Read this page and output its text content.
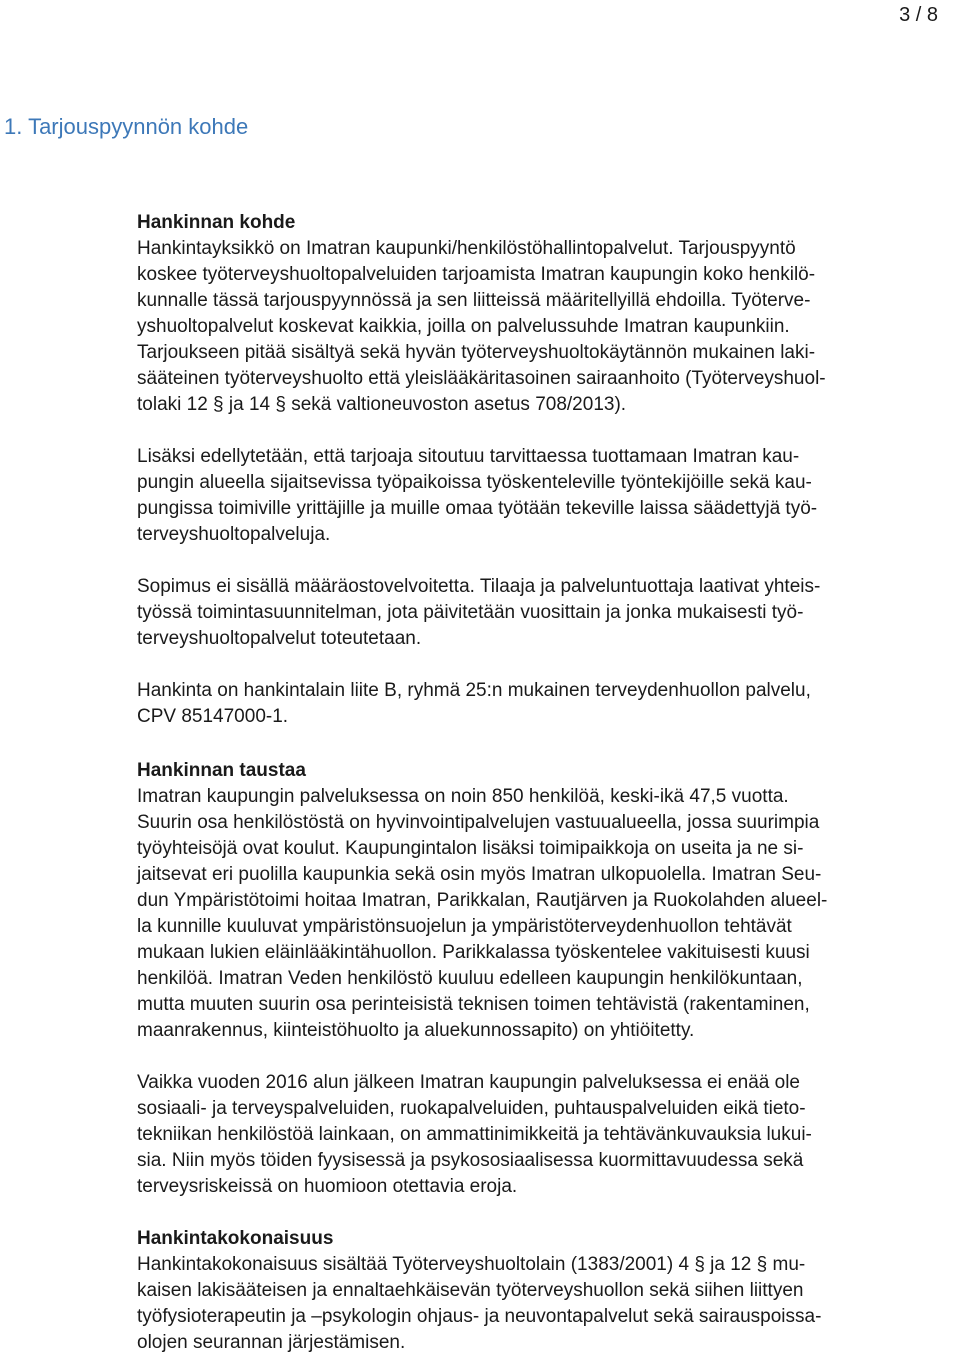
3 / 8
1. Tarjouspyynnön kohde
Hankinnan kohde

Hankintayksikkö on Imatran kaupunki/henkilöstöhallintopalvelut. Tarjouspyyntö
koskee työterveyshuoltopalveluiden tarjoamista Imatran kaupungin koko henkilö-
kunnalle tässä tarjouspyynnössä ja sen liitteissä määritellyillä ehdoilla. Työterve-
yshuoltopalvelut koskevat kaikkia, joilla on palvelussuhde Imatran kaupunkiin.
Tarjoukseen pitää sisältyä sekä hyvän työterveyshuoltokäytännön mukainen laki-
sääteinen työterveyshuolto että yleislääkäritasoinen sairaanhoito (Työterveyshuol-
tolaki 12 § ja 14 § sekä valtioneuvoston asetus 708/2013).

Lisäksi edellytetään, että tarjoaja sitoutuu tarvittaessa tuottamaan Imatran kau-
pungin alueella sijaitsevissa työpaikoissa työskenteleville työntekijöille sekä kau-
pungissa toimiville yrittäjille ja muille omaa työtään tekeville laissa säädettyjä työ-
terveyshuoltopalveluja.

Sopimus ei sisällä määräostovelvoitetta. Tilaaja ja palveluntuottaja laativat yhteis-
työssä toimintasuunnitelman, jota päivitetään vuosittain ja jonka mukaisesti työ-
terveyshuoltopalvelut toteutetaan.

Hankinta on hankintalain liite B, ryhmä 25:n mukainen terveydenhuollon palvelu,
CPV 85147000-1.

Hankinnan taustaa

Imatran kaupungin palveluksessa on noin 850 henkilöä, keski-ikä 47,5 vuotta.
Suurin osa henkilöstöstä on hyvinvointipalvelujen vastuualueella, jossa suurimpia
työyhteisöjä ovat koulut. Kaupungintalon lisäksi toimipaikkoja on useita ja ne si-
jaitsevat eri puolilla kaupunkia sekä osin myös Imatran ulkopuolella. Imatran Seu-
dun Ympäristötoimi hoitaa Imatran, Parikkalan, Rautjärven ja Ruokolahden alueel-
la kunnille kuuluvat ympäristönsuojelun ja ympäristöterveydenhuollon tehtävät
mukaan lukien eläinlääkintähuollon. Parikkalassa työskentelee vakituisesti kuusi
henkilöä. Imatran Veden henkilöstö kuuluu edelleen kaupungin henkilökuntaan,
mutta muuten suurin osa perinteisistä teknisen toimen tehtävistä (rakentaminen,
maanrakennus, kiinteistöhuolto ja aluekunnossapito) on yhtiöitetty.

Vaikka vuoden 2016 alun jälkeen Imatran kaupungin palveluksessa ei enää ole
sosiaali- ja terveyspalveluiden, ruokapalveluiden, puhtauspalveluiden eikä tieto-
tekniikan henkilöstöä lainkaan, on ammattinimikkeitä ja tehtävänkuvauksia lukui-
sia. Niin myös töiden fyysisessä ja psykososiaalisessa kuormittavuudessa sekä
terveysriskeissä on huomioon otettavia eroja.

Hankintakokonaisuus

Hankintakokonaisuus sisältää Työterveyshuoltolain (1383/2001) 4 § ja 12 § mu-
kaisen lakisääteisen ja ennaltaehkäisevän työterveyshuollon sekä siihen liittyen
työfysioterapeutin ja –psykologin ohjaus- ja neuvontapalvelut sekä sairauspoissa-
olojen seurannan järjestämisen.
